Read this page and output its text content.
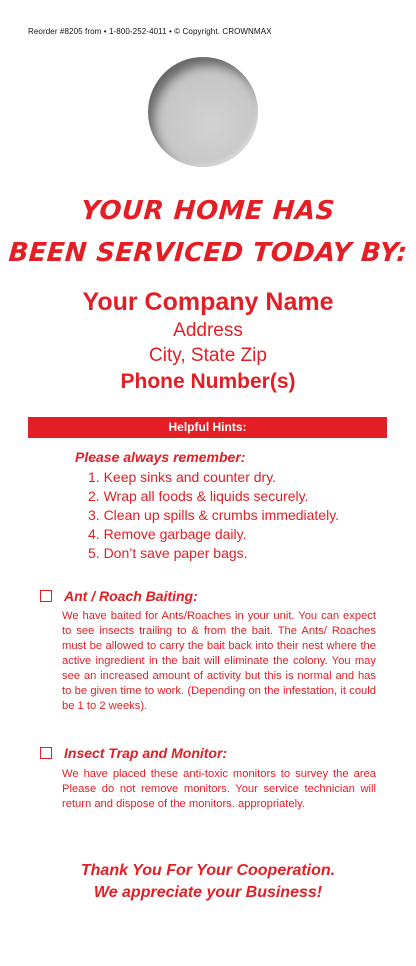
Reorder #8205 from • 1-800-252-4011 • © Copyright. CROWNMAX
YOUR HOME HAS
BEEN SERVICED TODAY BY:
Your Company Name
Address
City, State Zip
Phone Number(s)
Helpful Hints:
Please always remember:
1. Keep sinks and counter dry.
2. Wrap all foods & liquids securely.
3. Clean up spills & crumbs immediately.
4. Remove garbage daily.
5. Don’t save paper bags.
Ant / Roach Baiting:
We have baited for Ants/Roaches in your unit. You can expect to see insects trailing to & from the bait. The Ants/ Roaches must be allowed to carry the bait back into their nest where the active ingredient in the bait will eliminate the colony. You may see an increased amount of activity but this is normal and has to be given time to work. (Depending on the infestation, it could be 1 to 2 weeks).
Insect Trap and Monitor:
We have placed these anti-toxic monitors to survey the area Please do not remove monitors. Your service technician will return and dispose of the monitors. appropriately.
Thank You For Your Cooperation.
We appreciate your Business!
